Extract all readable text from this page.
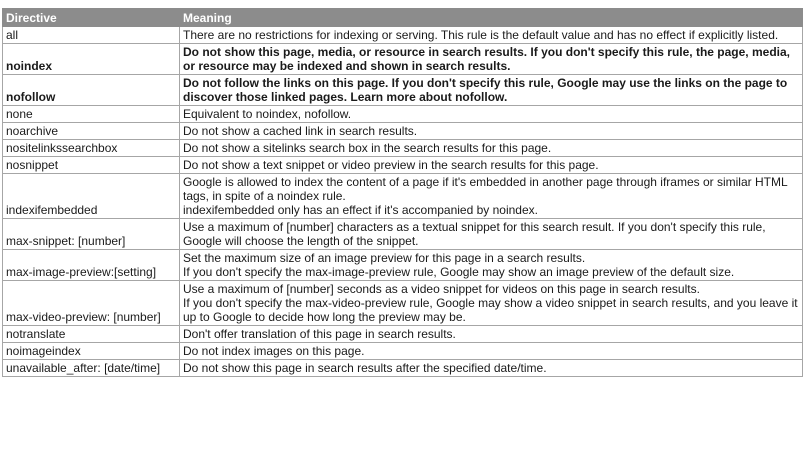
Directive	Meaning
all	There are no restrictions for indexing or serving. This rule is the default value and has no effect if explicitly listed.

noindex	Do not show this page, media, or resource in search results. If you don't specify this rule, the page, media, or resource may be indexed and shown in search results.

nofollow	Do not follow the links on this page. If you don't specify this rule, Google may use the links on the page to discover those linked pages. Learn more about nofollow.

none	Equivalent to noindex, nofollow.

noarchive	Do not show a cached link in search results.

nositelinkssearchbox	Do not show a sitelinks search box in the search results for this page.

nosnippet	Do not show a text snippet or video preview in the search results for this page.

indexifembedded	Google is allowed to index the content of a page if it's embedded in another page through iframes or similar HTML tags, in spite of a noindex rule.
indexifembedded only has an effect if it's accompanied by noindex.

max-snippet: [number]	Use a maximum of [number] characters as a textual snippet for this search result. If you don't specify this rule, Google will choose the length of the snippet.

max-image-preview:[setting]	Set the maximum size of an image preview for this page in a search results.
If you don't specify the max-image-preview rule, Google may show an image preview of the default size.

max-video-preview: [number]	Use a maximum of [number] seconds as a video snippet for videos on this page in search results.
If you don't specify the max-video-preview rule, Google may show a video snippet in search results, and you leave it up to Google to decide how long the preview may be.

notranslate	Don't offer translation of this page in search results.

noimageindex	Do not index images on this page.

unavailable_after: [date/time]	Do not show this page in search results after the specified date/time.
